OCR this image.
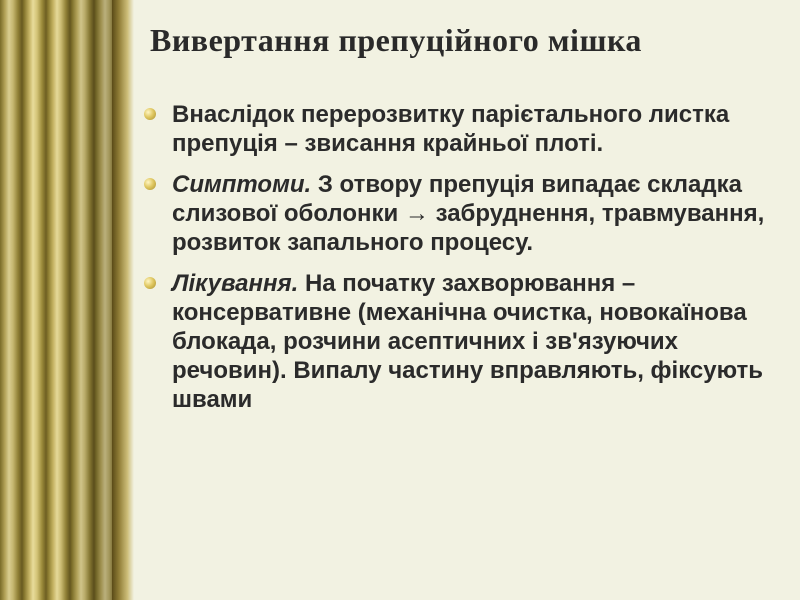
Вивертання препуційного мішка
Внаслідок перерозвитку парієтального листка препуція – звисання крайньої плоті.
Симптоми. З отвору препуція випадає складка слизової оболонки → забруднення, травмування, розвиток запального процесу.
Лікування. На початку захворювання – консервативне (механічна очистка, новокаїнова блокада, розчини асептичних і зв'язуючих речовин). Випалу частину вправляють, фіксують швами
